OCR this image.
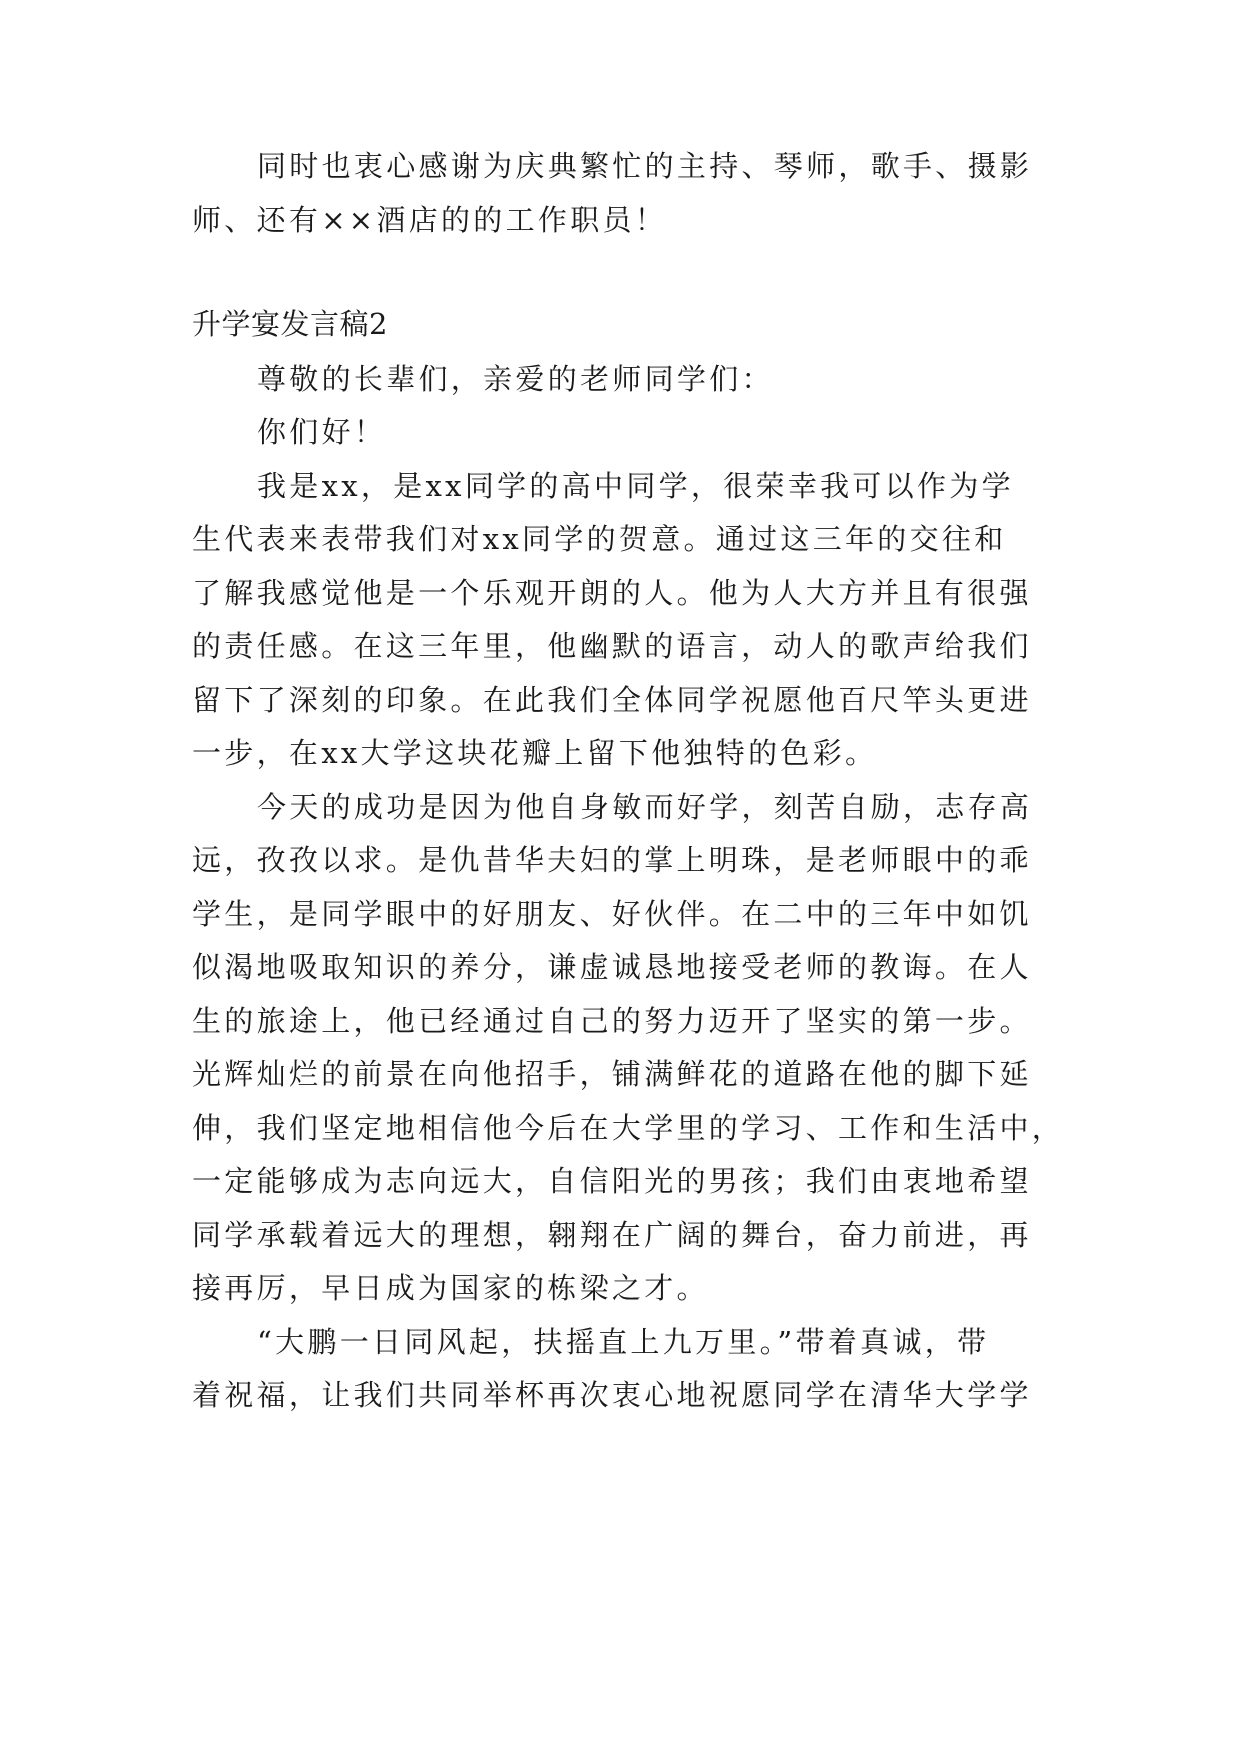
同时也衷心感谢为庆典繁忙的主持、琴师，歌手、摄影
师、还有××酒店的的工作职员！
升学宴发言稿2
尊敬的长辈们，亲爱的老师同学们：
你们好！
我是xx，是xx同学的高中同学，很荣幸我可以作为学
生代表来表带我们对xx同学的贺意。通过这三年的交往和
了解我感觉他是一个乐观开朗的人。他为人大方并且有很强
的责任感。在这三年里，他幽默的语言，动人的歌声给我们
留下了深刻的印象。在此我们全体同学祝愿他百尺竿头更进
一步，在xx大学这块花瓣上留下他独特的色彩。
今天的成功是因为他自身敏而好学，刻苦自励，志存高
远，孜孜以求。是仇昔华夫妇的掌上明珠，是老师眼中的乖
学生，是同学眼中的好朋友、好伙伴。在二中的三年中如饥
似渴地吸取知识的养分，谦虚诚恳地接受老师的教诲。在人
生的旅途上，他已经通过自己的努力迈开了坚实的第一步。
光辉灿烂的前景在向他招手，铺满鲜花的道路在他的脚下延
伸，我们坚定地相信他今后在大学里的学习、工作和生活中，
一定能够成为志向远大，自信阳光的男孩；我们由衷地希望
同学承载着远大的理想，翱翔在广阔的舞台，奋力前进，再
接再厉，早日成为国家的栋梁之才。
“大鹏一日同风起，扶摇直上九万里。”带着真诚，带
着祝福，让我们共同举杯再次衷心地祝愿同学在清华大学学
